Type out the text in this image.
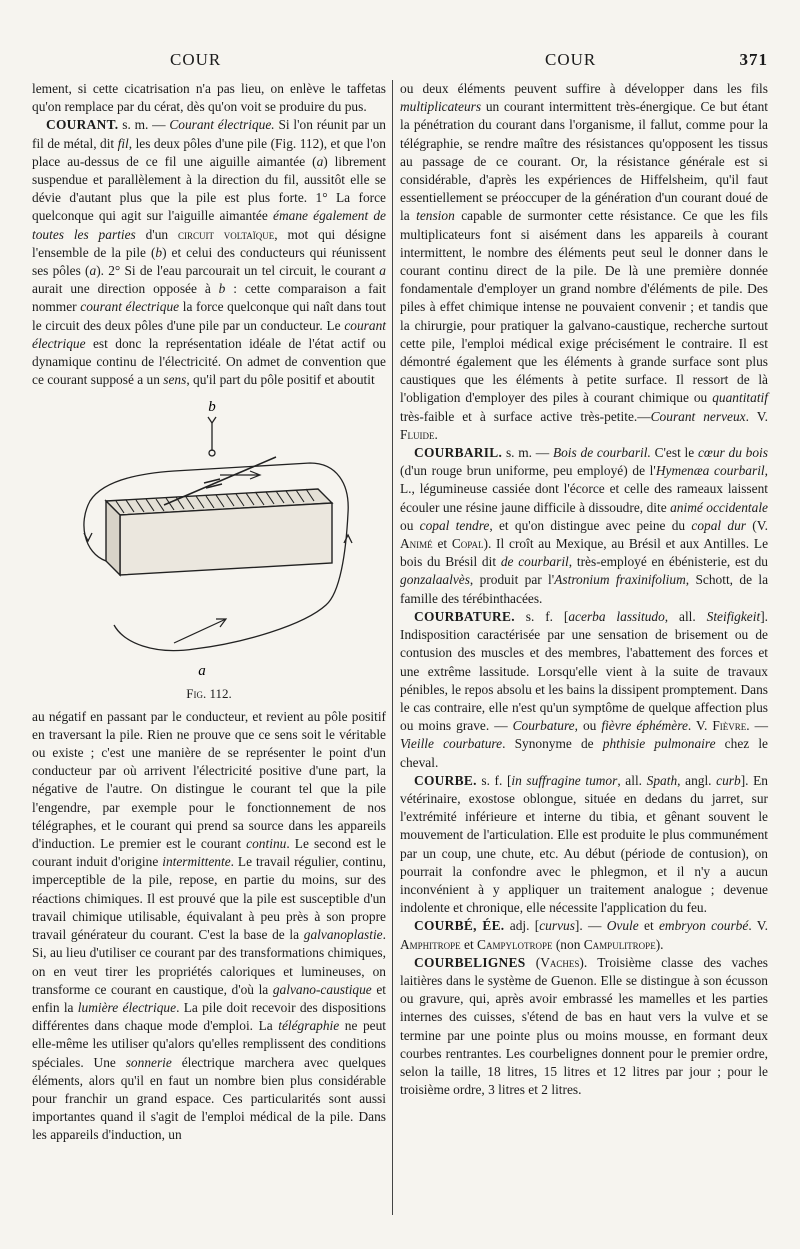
COUR	COUR	371

lement, si cette cicatrisation n'a pas lieu, on enlève le taffetas qu'on remplace par du cérat, dès qu'on voit se produire du pus.

COURANT. s. m. — Courant électrique. Si l'on réunit par un fil de métal, dit fil, les deux pôles d'une pile (Fig. 112), et que l'on place au-dessus de ce fil une aiguille aimantée (a) librement suspendue et parallèlement à la direction du fil, aussitôt elle se dévie d'autant plus que la pile est plus forte. 1° La force quelconque qui agit sur l'aiguille aimantée émane également de toutes les parties d'un circuit voltaïque, mot qui désigne l'ensemble de la pile (b) et celui des conducteurs qui réunissent ses pôles (a). 2° Si de l'eau parcourait un tel circuit, le courant a aurait une direction opposée à b : cette comparaison a fait nommer courant électrique la force quelconque qui naît dans tout le circuit des deux pôles d'une pile par un conducteur. Le courant électrique est donc la représentation idéale de l'état actif ou dynamique continu de l'électricité. On admet de convention que ce courant supposé a un sens, qu'il part du pôle positif et aboutit

b
a
Fig. 112.

au négatif en passant par le conducteur, et revient au pôle positif en traversant la pile. Rien ne prouve que ce sens soit le véritable ou existe ; c'est une manière de se représenter le point d'un conducteur par où arrivent l'électricité positive d'une part, la négative de l'autre. On distingue le courant tel que la pile l'engendre, par exemple pour le fonctionnement de nos télégraphes, et le courant qui prend sa source dans les appareils d'induction. Le premier est le courant continu. Le second est le courant induit d'origine intermittente. Le travail régulier, continu, imperceptible de la pile, repose, en partie du moins, sur des réactions chimiques. Il est prouvé que la pile est susceptible d'un travail chimique utilisable, équivalant à peu près à son propre travail générateur du courant. C'est la base de la galvanoplastie. Si, au lieu d'utiliser ce courant par des transformations chimiques, on en veut tirer les propriétés caloriques et lumineuses, on transforme ce courant en caustique, d'où la galvano-caustique et enfin la lumière électrique. La pile doit recevoir des dispositions différentes dans chaque mode d'emploi. La télégraphie ne peut elle-même les utiliser qu'alors qu'elles remplissent des conditions spéciales. Une sonnerie électrique marchera avec quelques éléments, alors qu'il en faut un nombre bien plus considérable pour franchir un grand espace. Ces particularités sont aussi importantes quand il s'agit de l'emploi médical de la pile. Dans les appareils d'induction, un

ou deux éléments peuvent suffire à développer dans les fils multiplicateurs un courant intermittent très-énergique. Ce but étant la pénétration du courant dans l'organisme, il fallut, comme pour la télégraphie, se rendre maître des résistances qu'opposent les tissus au passage de ce courant. Or, la résistance générale est si considérable, d'après les expériences de Hiffelsheim, qu'il faut essentiellement se préoccuper de la génération d'un courant doué de la tension capable de surmonter cette résistance. Ce que les fils multiplicateurs font si aisément dans les appareils à courant intermittent, le nombre des éléments peut seul le donner dans le courant continu direct de la pile. De là une première donnée fondamentale d'employer un grand nombre d'éléments de pile. Des piles à effet chimique intense ne pouvaient convenir ; et tandis que la chirurgie, pour pratiquer la galvano-caustique, recherche surtout cette pile, l'emploi médical exige précisément le contraire. Il est démontré également que les éléments à grande surface sont plus caustiques que les éléments à petite surface. Il ressort de là l'obligation d'employer des piles à courant chimique ou quantitatif très-faible et à surface active très-petite.—Courant nerveux. V. Fluide.

COURBARIL. s. m. — Bois de courbaril. C'est le cœur du bois (d'un rouge brun uniforme, peu employé) de l'Hymenæa courbaril, L., légumineuse cassiée dont l'écorce et celle des rameaux laissent écouler une résine jaune difficile à dissoudre, dite animé occidentale ou copal tendre, et qu'on distingue avec peine du copal dur (V. Animé et Copal). Il croît au Mexique, au Brésil et aux Antilles. Le bois du Brésil dit de courbaril, très-employé en ébénisterie, est du gonzalaalvès, produit par l'Astronium fraxinifolium, Schott, de la famille des térébinthacées.

COURBATURE. s. f. [acerba lassitudo, all. Steifigkeit]. Indisposition caractérisée par une sensation de brisement ou de contusion des muscles et des membres, l'abattement des forces et une extrême lassitude. Lorsqu'elle vient à la suite de travaux pénibles, le repos absolu et les bains la dissipent promptement. Dans le cas contraire, elle n'est qu'un symptôme de quelque affection plus ou moins grave. — Courbature, ou fièvre éphémère. V. Fièvre. — Vieille courbature. Synonyme de phthisie pulmonaire chez le cheval.

COURBE. s. f. [in suffragine tumor, all. Spath, angl. curb]. En vétérinaire, exostose oblongue, située en dedans du jarret, sur l'extrémité inférieure et interne du tibia, et gênant souvent le mouvement de l'articulation. Elle est produite le plus communément par un coup, une chute, etc. Au début (période de contusion), on pourrait la confondre avec le phlegmon, et il n'y a aucun inconvénient à y appliquer un traitement analogue ; devenue indolente et chronique, elle nécessite l'application du feu.

COURBÉ, ÉE. adj. [curvus]. — Ovule et embryon courbé. V. Amphitrope et Campylotrope (non Campulitrope).

COURBELIGNES (Vaches). Troisième classe des vaches laitières dans le système de Guenon. Elle se distingue à son écusson ou gravure, qui, après avoir embrassé les mamelles et les parties internes des cuisses, s'étend de bas en haut vers la vulve et se termine par une pointe plus ou moins mousse, en formant deux courbes rentrantes. Les courbelignes donnent pour le premier ordre, selon la taille, 18 litres, 15 litres et 12 litres par jour ; pour le troisième ordre, 3 litres et 2 litres.
